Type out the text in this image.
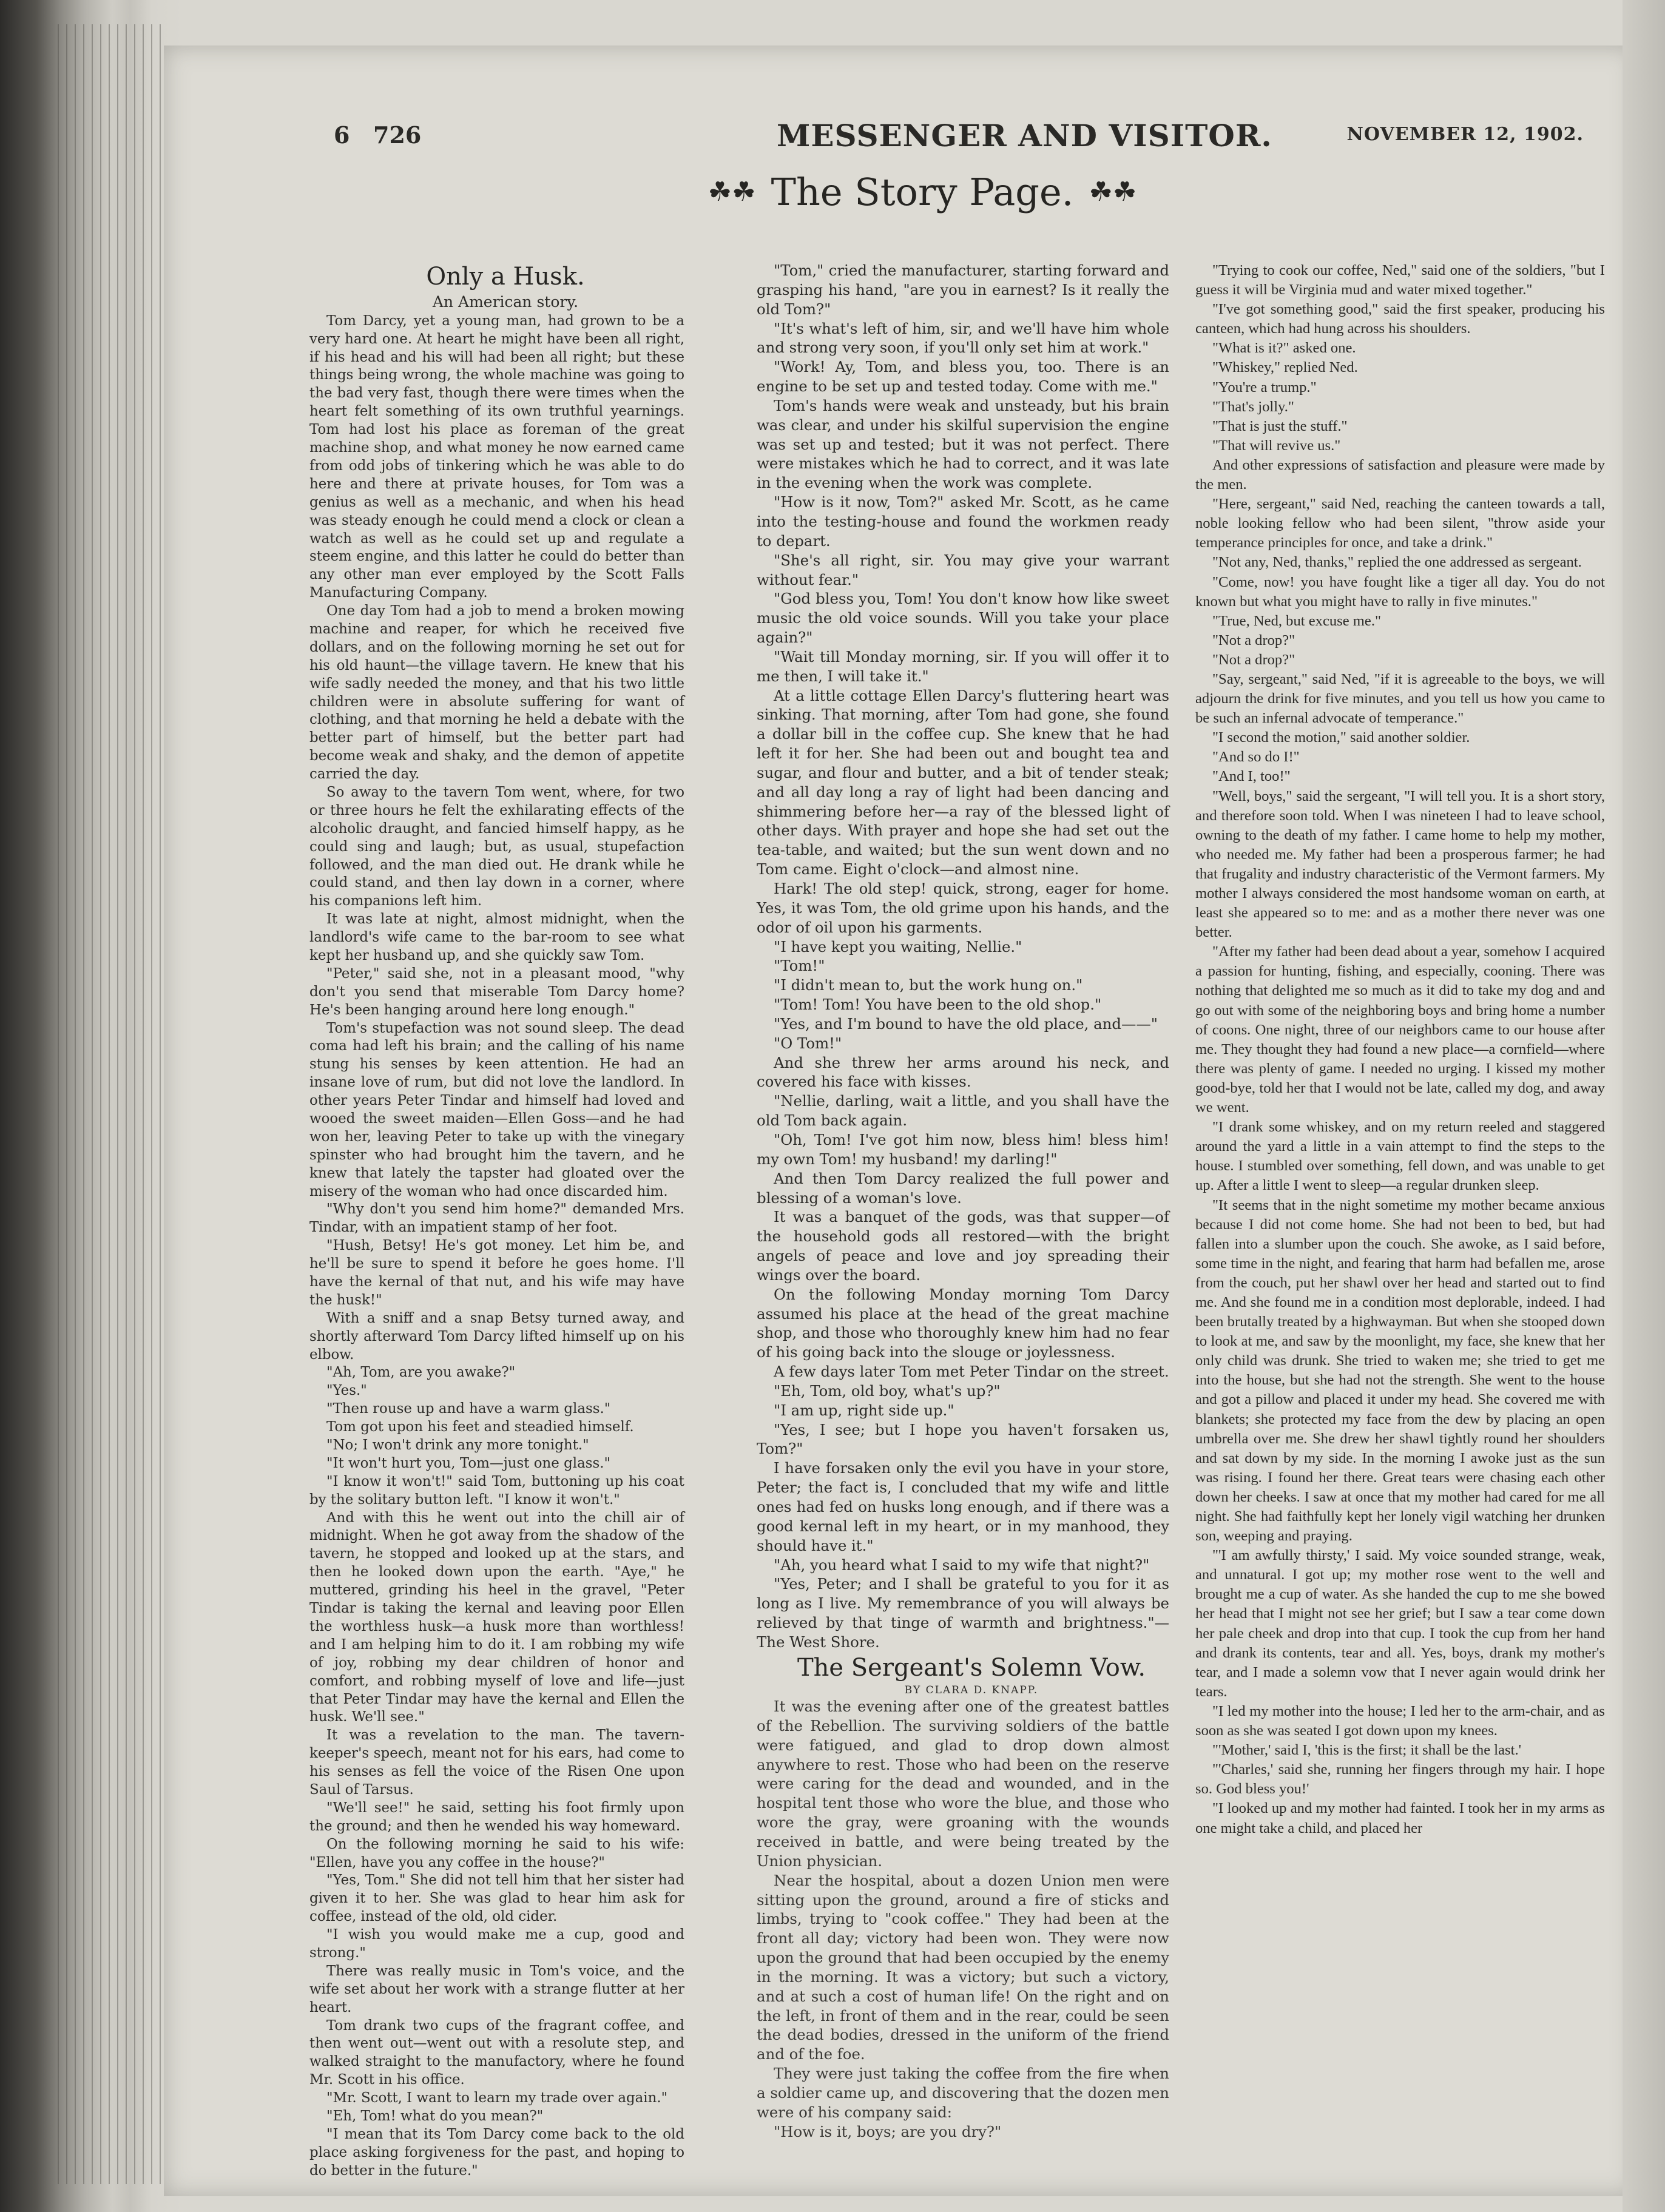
6 726	MESSENGER AND VISITOR.	NOVEMBER 12, 1902.
☘☘ The Story Page. ☘☘

Only a Husk.

An American story.

Tom Darcy, yet a young man, had grown to be a very hard one. At heart he might have been all right, if his head and his will had been all right; but these things being wrong, the whole machine was going to the bad very fast, though there were times when the heart felt something of its own truthful yearnings. Tom had lost his place as foreman of the great machine shop, and what money he now earned came from odd jobs of tinkering which he was able to do here and there at private houses, for Tom was a genius as well as a mechanic, and when his head was steady enough he could mend a clock or clean a watch as well as he could set up and regulate a steem engine, and this latter he could do better than any other man ever employed by the Scott Falls Manufacturing Company.

One day Tom had a job to mend a broken mowing machine and reaper, for which he received five dollars, and on the following morning he set out for his old haunt—the village tavern. He knew that his wife sadly needed the money, and that his two little children were in absolute suffering for want of clothing, and that morning he held a debate with the better part of himself, but the better part had become weak and shaky, and the demon of appetite carried the day.

So away to the tavern Tom went, where, for two or three hours he felt the exhilarating effects of the alcoholic draught, and fancied himself happy, as he could sing and laugh; but, as usual, stupefaction followed, and the man died out. He drank while he could stand, and then lay down in a corner, where his companions left him.

It was late at night, almost midnight, when the landlord's wife came to the bar-room to see what kept her husband up, and she quickly saw Tom.

"Peter," said she, not in a pleasant mood, "why don't you send that miserable Tom Darcy home? He's been hanging around here long enough."

Tom's stupefaction was not sound sleep. The dead coma had left his brain; and the calling of his name stung his senses by keen attention. He had an insane love of rum, but did not love the landlord. In other years Peter Tindar and himself had loved and wooed the sweet maiden—Ellen Goss—and he had won her, leaving Peter to take up with the vinegary spinster who had brought him the tavern, and he knew that lately the tapster had gloated over the misery of the woman who had once discarded him.

"Why don't you send him home?" demanded Mrs. Tindar, with an impatient stamp of her foot.

"Hush, Betsy! He's got money. Let him be, and he'll be sure to spend it before he goes home. I'll have the kernal of that nut, and his wife may have the husk!"

With a sniff and a snap Betsy turned away, and shortly afterward Tom Darcy lifted himself up on his elbow.

"Ah, Tom, are you awake?"

"Yes."

"Then rouse up and have a warm glass."

Tom got upon his feet and steadied himself.

"No; I won't drink any more tonight."

"It won't hurt you, Tom—just one glass."

"I know it won't!" said Tom, buttoning up his coat by the solitary button left. "I know it won't."

And with this he went out into the chill air of midnight. When he got away from the shadow of the tavern, he stopped and looked up at the stars, and then he looked down upon the earth. "Aye," he muttered, grinding his heel in the gravel, "Peter Tindar is taking the kernal and leaving poor Ellen the worthless husk—a husk more than worthless! and I am helping him to do it. I am robbing my wife of joy, robbing my dear children of honor and comfort, and robbing myself of love and life—just that Peter Tindar may have the kernal and Ellen the husk. We'll see."

It was a revelation to the man. The tavern-keeper's speech, meant not for his ears, had come to his senses as fell the voice of the Risen One upon Saul of Tarsus.

"We'll see!" he said, setting his foot firmly upon the ground; and then he wended his way homeward.

On the following morning he said to his wife: "Ellen, have you any coffee in the house?"

"Yes, Tom." She did not tell him that her sister had given it to her. She was glad to hear him ask for coffee, instead of the old, old cider.

"I wish you would make me a cup, good and strong."

There was really music in Tom's voice, and the wife set about her work with a strange flutter at her heart.

Tom drank two cups of the fragrant coffee, and then went out—went out with a resolute step, and walked straight to the manufactory, where he found Mr. Scott in his office.

"Mr. Scott, I want to learn my trade over again."

"Eh, Tom! what do you mean?"

"I mean that its Tom Darcy come back to the old place asking forgiveness for the past, and hoping to do better in the future."

"Tom," cried the manufacturer, starting forward and grasping his hand, "are you in earnest? Is it really the old Tom?"

"It's what's left of him, sir, and we'll have him whole and strong very soon, if you'll only set him at work."

"Work! Ay, Tom, and bless you, too. There is an engine to be set up and tested today. Come with me."

Tom's hands were weak and unsteady, but his brain was clear, and under his skilful supervision the engine was set up and tested; but it was not perfect. There were mistakes which he had to correct, and it was late in the evening when the work was complete.

"How is it now, Tom?" asked Mr. Scott, as he came into the testing-house and found the workmen ready to depart.

"She's all right, sir. You may give your warrant without fear."

"God bless you, Tom! You don't know how like sweet music the old voice sounds. Will you take your place again?"

"Wait till Monday morning, sir. If you will offer it to me then, I will take it."

At a little cottage Ellen Darcy's fluttering heart was sinking. That morning, after Tom had gone, she found a dollar bill in the coffee cup. She knew that he had left it for her. She had been out and bought tea and sugar, and flour and butter, and a bit of tender steak; and all day long a ray of light had been dancing and shimmering before her—a ray of the blessed light of other days. With prayer and hope she had set out the tea-table, and waited; but the sun went down and no Tom came. Eight o'clock—and almost nine.

Hark! The old step! quick, strong, eager for home. Yes, it was Tom, the old grime upon his hands, and the odor of oil upon his garments.

"I have kept you waiting, Nellie."

"Tom!"

"I didn't mean to, but the work hung on."

"Tom! Tom! You have been to the old shop."

"Yes, and I'm bound to have the old place, and——"

"O Tom!"

And she threw her arms around his neck, and covered his face with kisses.

"Nellie, darling, wait a little, and you shall have the old Tom back again.

"Oh, Tom! I've got him now, bless him! bless him! my own Tom! my husband! my darling!"

And then Tom Darcy realized the full power and blessing of a woman's love.

It was a banquet of the gods, was that supper—of the household gods all restored—with the bright angels of peace and love and joy spreading their wings over the board.

On the following Monday morning Tom Darcy assumed his place at the head of the great machine shop, and those who thoroughly knew him had no fear of his going back into the slouge or joylessness.

A few days later Tom met Peter Tindar on the street.

"Eh, Tom, old boy, what's up?"

"I am up, right side up."

"Yes, I see; but I hope you haven't forsaken us, Tom?"

I have forsaken only the evil you have in your store, Peter; the fact is, I concluded that my wife and little ones had fed on husks long enough, and if there was a good kernal left in my heart, or in my manhood, they should have it."

"Ah, you heard what I said to my wife that night?"

"Yes, Peter; and I shall be grateful to you for it as long as I live. My remembrance of you will always be relieved by that tinge of warmth and brightness."—The West Shore.

The Sergeant's Solemn Vow.

BY CLARA D. KNAPP.

It was the evening after one of the greatest battles of the Rebellion. The surviving soldiers of the battle were fatigued, and glad to drop down almost anywhere to rest. Those who had been on the reserve were caring for the dead and wounded, and in the hospital tent those who wore the blue, and those who wore the gray, were groaning with the wounds received in battle, and were being treated by the Union physician.

Near the hospital, about a dozen Union men were sitting upon the ground, around a fire of sticks and limbs, trying to "cook coffee." They had been at the front all day; victory had been won. They were now upon the ground that had been occupied by the enemy in the morning. It was a victory; but such a victory, and at such a cost of human life! On the right and on the left, in front of them and in the rear, could be seen the dead bodies, dressed in the uniform of the friend and of the foe.

They were just taking the coffee from the fire when a soldier came up, and discovering that the dozen men were of his company said:

"How is it, boys; are you dry?"

"Trying to cook our coffee, Ned," said one of the soldiers, "but I guess it will be Virginia mud and water mixed together."

"I've got something good," said the first speaker, producing his canteen, which had hung across his shoulders.

"What is it?" asked one.

"Whiskey," replied Ned.

"You're a trump."

"That's jolly."

"That is just the stuff."

"That will revive us."

And other expressions of satisfaction and pleasure were made by the men.

"Here, sergeant," said Ned, reaching the canteen towards a tall, noble looking fellow who had been silent, "throw aside your temperance principles for once, and take a drink."

"Not any, Ned, thanks," replied the one addressed as sergeant.

"Come, now! you have fought like a tiger all day. You do not known but what you might have to rally in five minutes."

"True, Ned, but excuse me."

"Not a drop?"

"Not a drop?"

"Say, sergeant," said Ned, "if it is agreeable to the boys, we will adjourn the drink for five minutes, and you tell us how you came to be such an infernal advocate of temperance."

"I second the motion," said another soldier.

"And so do I!"

"And I, too!"

"Well, boys," said the sergeant, "I will tell you. It is a short story, and therefore soon told. When I was nineteen I had to leave school, owning to the death of my father. I came home to help my mother, who needed me. My father had been a prosperous farmer; he had that frugality and industry characteristic of the Vermont farmers. My mother I always considered the most handsome woman on earth, at least she appeared so to me: and as a mother there never was one better.

"After my father had been dead about a year, somehow I acquired a passion for hunting, fishing, and especially, cooning. There was nothing that delighted me so much as it did to take my dog and and go out with some of the neighboring boys and bring home a number of coons. One night, three of our neighbors came to our house after me. They thought they had found a new place—a cornfield—where there was plenty of game. I needed no urging. I kissed my mother good-bye, told her that I would not be late, called my dog, and away we went.

"I drank some whiskey, and on my return reeled and staggered around the yard a little in a vain attempt to find the steps to the house. I stumbled over something, fell down, and was unable to get up. After a little I went to sleep—a regular drunken sleep.

"It seems that in the night sometime my mother became anxious because I did not come home. She had not been to bed, but had fallen into a slumber upon the couch. She awoke, as I said before, some time in the night, and fearing that harm had befallen me, arose from the couch, put her shawl over her head and started out to find me. And she found me in a condition most deplorable, indeed. I had been brutally treated by a highwayman. But when she stooped down to look at me, and saw by the moonlight, my face, she knew that her only child was drunk. She tried to waken me; she tried to get me into the house, but she had not the strength. She went to the house and got a pillow and placed it under my head. She covered me with blankets; she protected my face from the dew by placing an open umbrella over me. She drew her shawl tightly round her shoulders and sat down by my side. In the morning I awoke just as the sun was rising. I found her there. Great tears were chasing each other down her cheeks. I saw at once that my mother had cared for me all night. She had faithfully kept her lonely vigil watching her drunken son, weeping and praying.

"'I am awfully thirsty,' I said. My voice sounded strange, weak, and unnatural. I got up; my mother rose went to the well and brought me a cup of water. As she handed the cup to me she bowed her head that I might not see her grief; but I saw a tear come down her pale cheek and drop into that cup. I took the cup from her hand and drank its contents, tear and all. Yes, boys, drank my mother's tear, and I made a solemn vow that I never again would drink her tears.

"I led my mother into the house; I led her to the arm-chair, and as soon as she was seated I got down upon my knees.

"'Mother,' said I, 'this is the first; it shall be the last.'

"'Charles,' said she, running her fingers through my hair. I hope so. God bless you!'

"I looked up and my mother had fainted. I took her in my arms as one might take a child, and placed her
